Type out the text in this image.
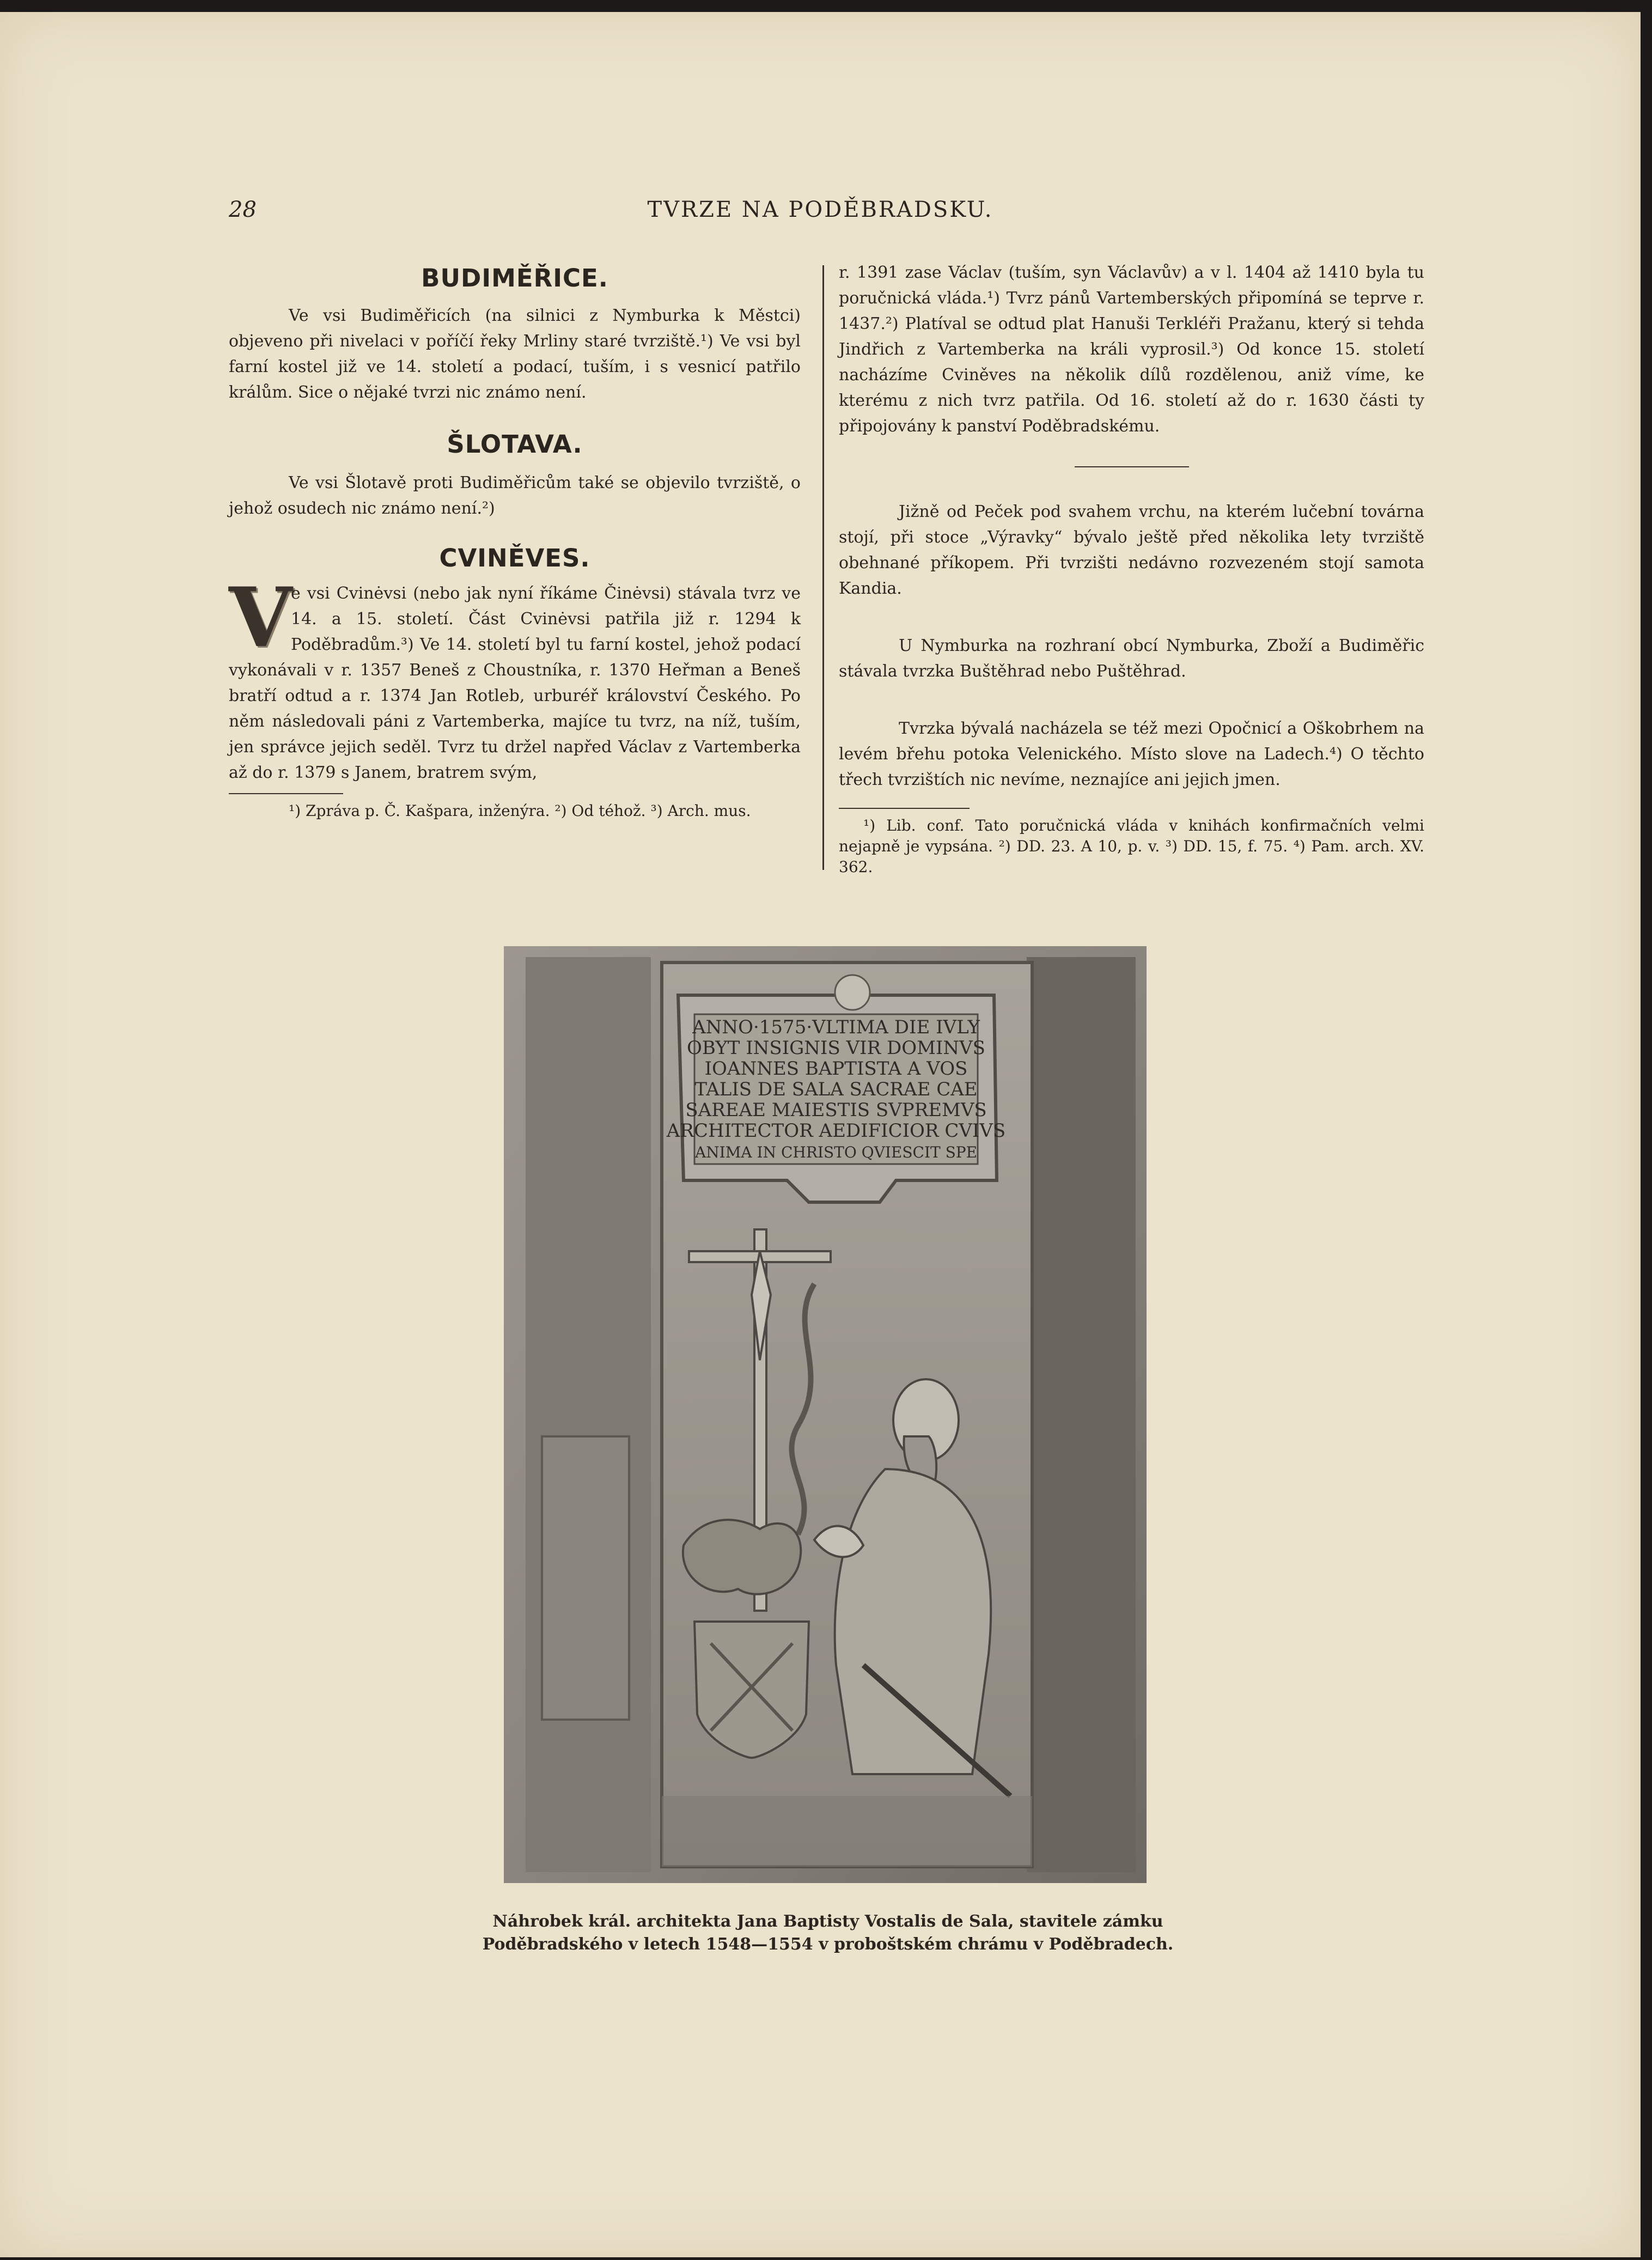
28	TVRZE NA PODĚBRADSKU.
BUDIMĚŘICE.

Ve vsi Budiměřicích (na silnici z Nymburka k Městci) objeveno při nivelaci v poříčí řeky Mrliny staré tvrziště.¹) Ve vsi byl farní kostel již ve 14. století a podací, tuším, i s vesnicí patřilo králům. Sice o nějaké tvrzi nic známo není.

ŠLOTAVA.

Ve vsi Šlotavě proti Budiměřicům také se objevilo tvrziště, o jehož osudech nic známo není.²)

CVINĚVES.
V

e vsi Cvinėvsi (nebo jak nyní říkáme Činėvsi) stávala tvrz ve 14. a 15. století. Část Cvinėvsi patřila již r. 1294 k Poděbradům.³) Ve 14. století byl tu farní kostel, jehož podací vykonávali v r. 1357 Beneš z Choustníka, r. 1370 Heřman a Beneš bratří odtud a r. 1374 Jan Rotleb, urburéř království Českého. Po něm následovali páni z Vartemberka, majíce tu tvrz, na níž, tuším, jen správce jejich seděl. Tvrz tu držel napřed Václav z Vartemberka až do r. 1379 s Janem, bratrem svým,

¹) Zpráva p. Č. Kašpara, inženýra. ²) Od téhož. ³) Arch. mus.

r. 1391 zase Václav (tuším, syn Václavův) a v l. 1404 až 1410 byla tu poručnická vláda.¹) Tvrz pánů Vartemberských připomíná se teprve r. 1437.²) Platíval se odtud plat Hanuši Terkléři Pražanu, který si tehda Jindřich z Vartemberka na králi vyprosil.³) Od konce 15. století nacházíme Cviněves na několik dílů rozdělenou, aniž víme, ke kterému z nich tvrz patřila. Od 16. století až do r. 1630 části ty připojovány k panství Poděbradskému.

Jižně od Peček pod svahem vrchu, na kterém lučební továrna stojí, při stoce „Výravky“ bývalo ještě před několika lety tvrziště obehnané příkopem. Při tvrzišti nedávno rozvezeném stojí samota Kandia.

U Nymburka na rozhraní obcí Nymburka, Zboží a Budiměřic stávala tvrzka Buštěhrad nebo Puštěhrad.

Tvrzka bývalá nacházela se též mezi Opočnicí a Oškobrhem na levém břehu potoka Velenického. Místo slove na Ladech.⁴) O těchto třech tvrzištích nic nevíme, neznajíce ani jejich jmen.

¹) Lib. conf. Tato poručnická vláda v knihách konfirmačních velmi nejapně je vypsána. ²) DD. 23. A 10, p. v. ³) DD. 15, f. 75. ⁴) Pam. arch. XV. 362.

ANNO·1575·VLTIMA DIE IVLY
OBYT INSIGNIS VIR DOMINVS
IOANNES BAPTISTA A VOS
TALIS DE SALA SACRAE CAE
SAREAE MAIESTIS SVPREMVS
ARCHITECTOR AEDIFICIOR CVIVS
ANIMA IN CHRISTO QVIESCIT SPE
Náhrobek král. architekta Jana Baptisty Vostalis de Sala, stavitele zámku
Poděbradského v letech 1548—1554 v proboštském chrámu v Poděbradech.
